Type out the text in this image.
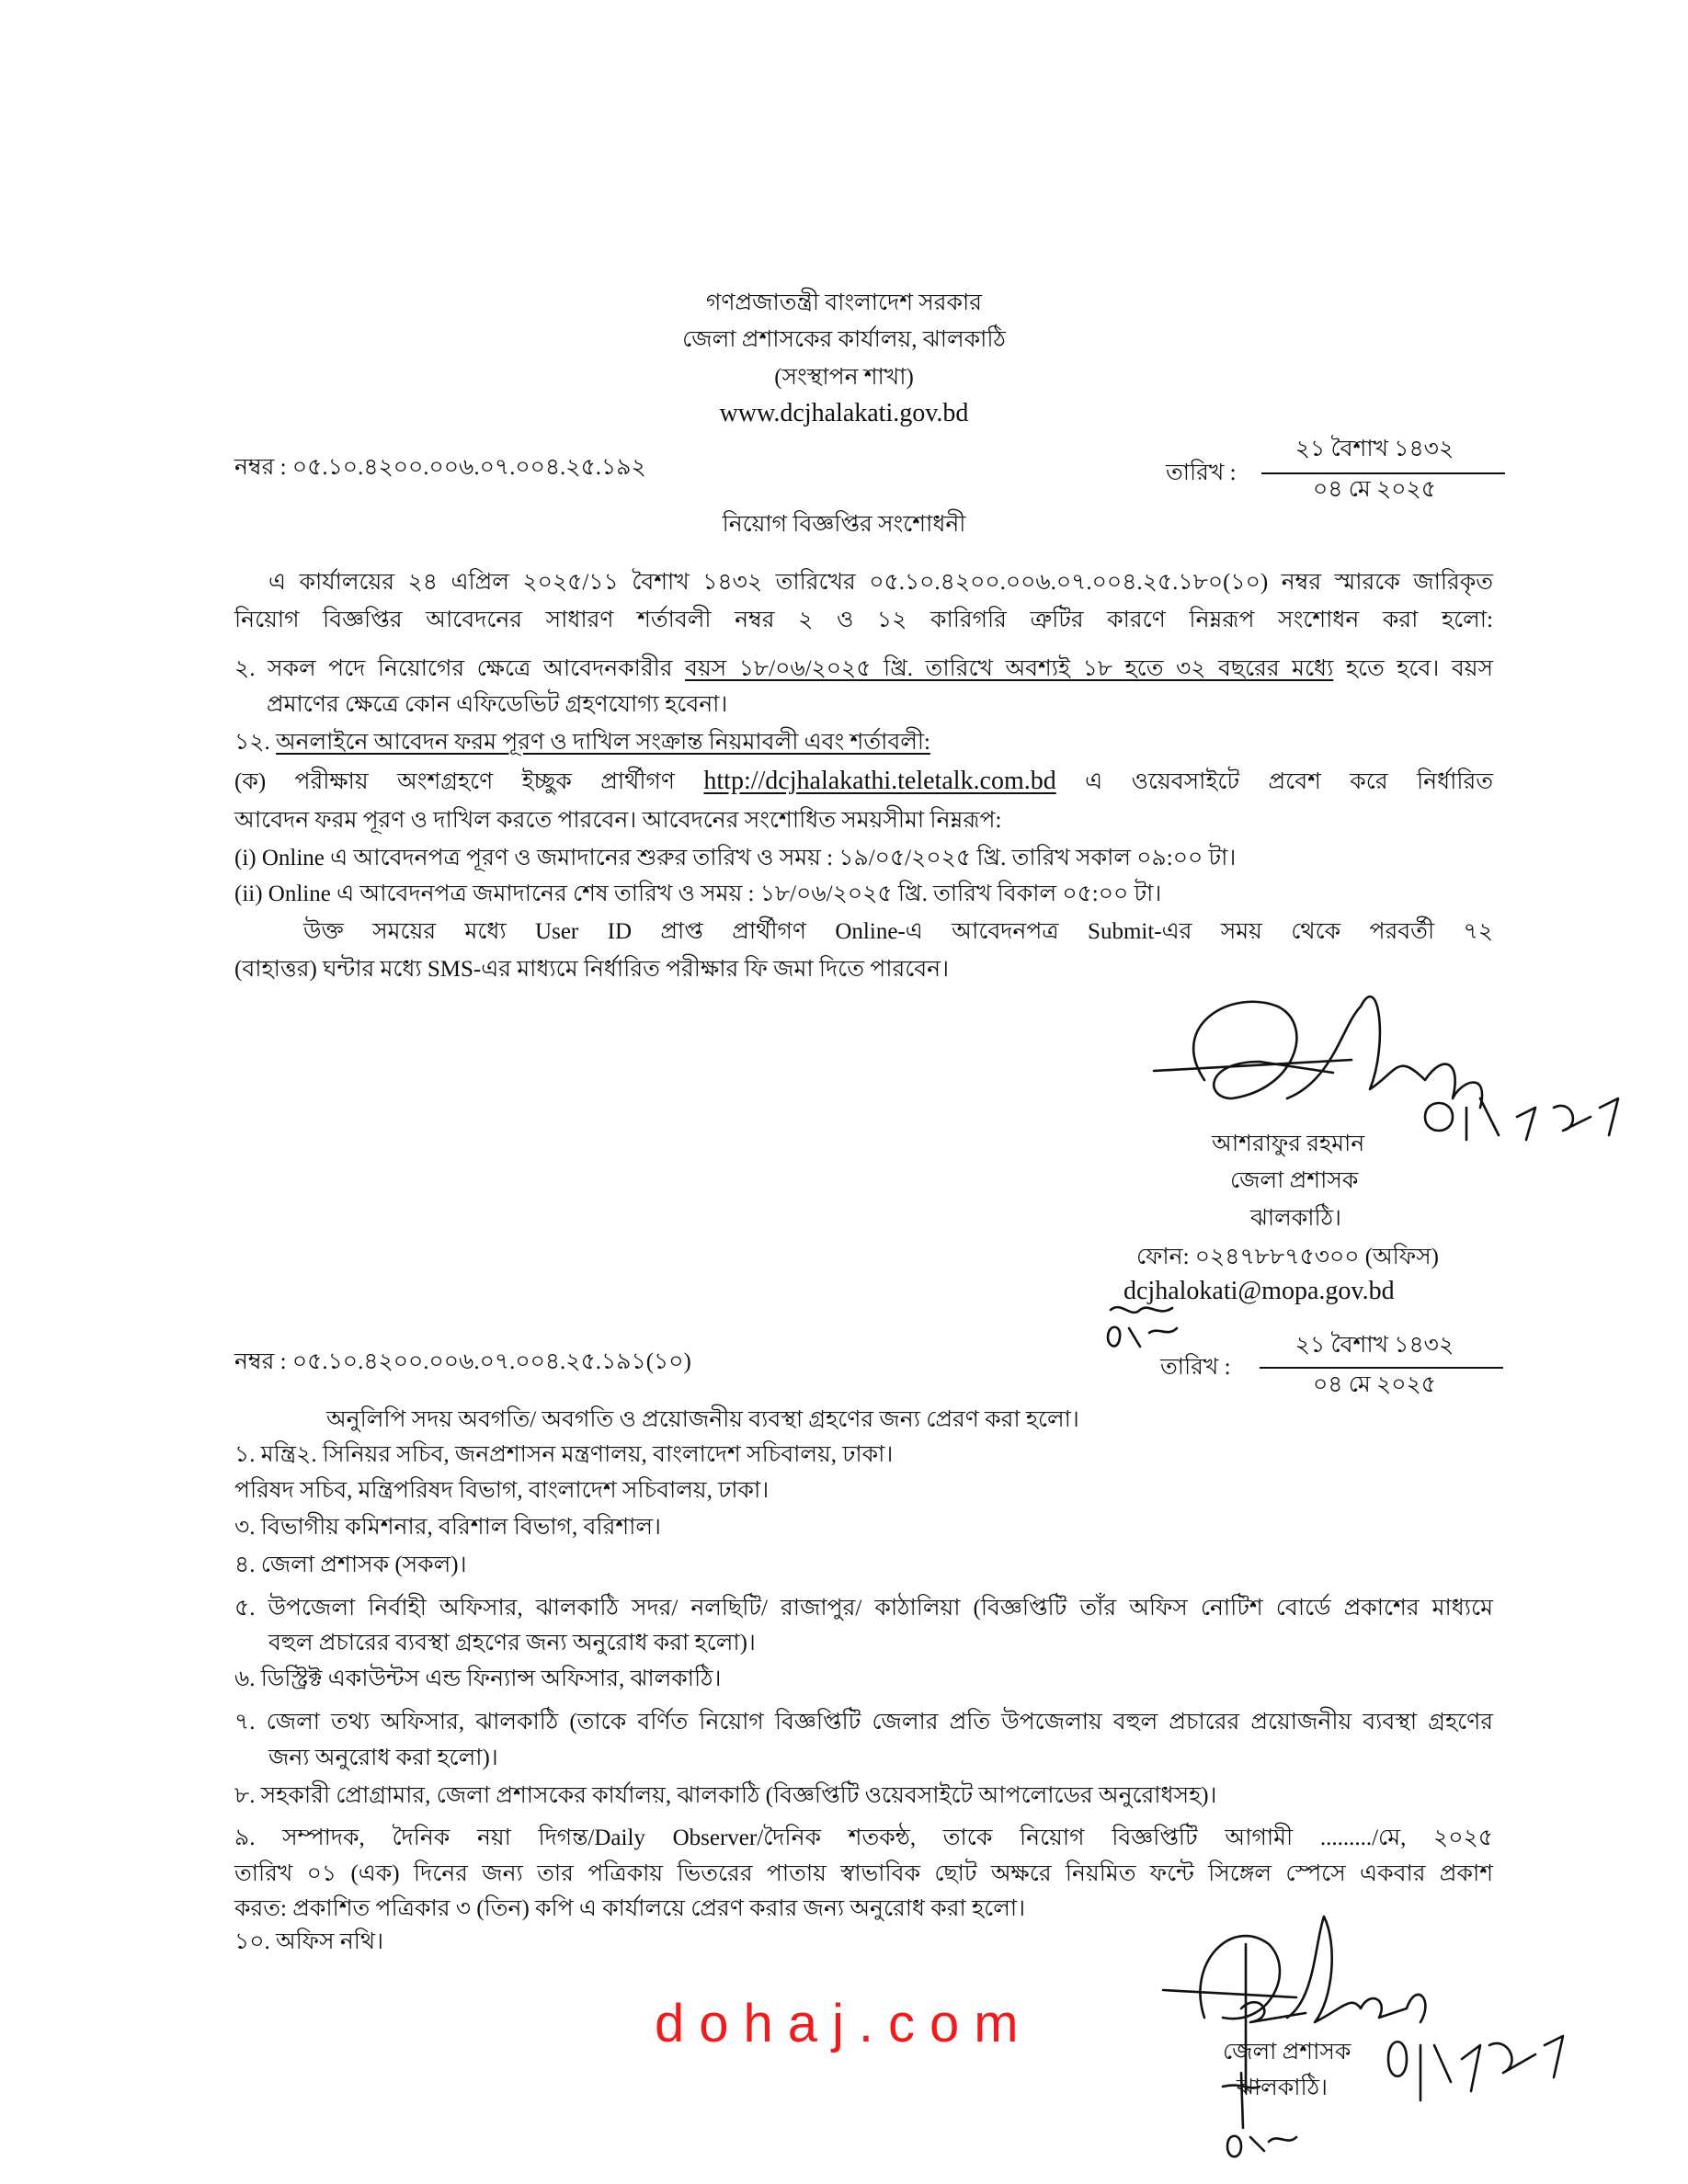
গণপ্রজাতন্ত্রী বাংলাদেশ সরকার
জেলা প্রশাসকের কার্যালয়, ঝালকাঠি
(সংস্থাপন শাখা)
www.dcjhalakati.gov.bd
নম্বর : ০৫.১০.৪২০০.০০৬.০৭.০০৪.২৫.১৯২	তারিখ :
২১ বৈশাখ ১৪৩২
০৪ মে ২০২৫
নিয়োগ বিজ্ঞপ্তির সংশোধনী
এ কার্যালয়ের ২৪ এপ্রিল ২০২৫/১১ বৈশাখ ১৪৩২ তারিখের ০৫.১০.৪২০০.০০৬.০৭.০০৪.২৫.১৮০(১০) নম্বর স্মারকে জারিকৃত
নিয়োগ বিজ্ঞপ্তির আবেদনের সাধারণ শর্তাবলী নম্বর ২ ও ১২ কারিগরি ত্রুটির কারণে নিম্নরূপ সংশোধন করা হলো:
২. সকল পদে নিয়োগের ক্ষেত্রে আবেদনকারীর বয়স ১৮/০৬/২০২৫ খ্রি. তারিখে অবশ্যই ১৮ হতে ৩২ বছরের মধ্যে হতে হবে। বয়স
প্রমাণের ক্ষেত্রে কোন এফিডেভিট গ্রহণযোগ্য হবেনা।
১২. অনলাইনে আবেদন ফরম পূরণ ও দাখিল সংক্রান্ত নিয়মাবলী এবং শর্তাবলী:
(ক) পরীক্ষায় অংশগ্রহণে ইচ্ছুক প্রার্থীগণ http://dcjhalakathi.teletalk.com.bd এ ওয়েবসাইটে প্রবেশ করে নির্ধারিত
আবেদন ফরম পূরণ ও দাখিল করতে পারবেন। আবেদনের সংশোধিত সময়সীমা নিম্নরূপ:
(i) Online এ আবেদনপত্র পূরণ ও জমাদানের শুরুর তারিখ ও সময় : ১৯/০৫/২০২৫ খ্রি. তারিখ সকাল ০৯:০০ টা।
(ii) Online এ আবেদনপত্র জমাদানের শেষ তারিখ ও সময় : ১৮/০৬/২০২৫ খ্রি. তারিখ বিকাল ০৫:০০ টা।
উক্ত সময়ের মধ্যে User ID প্রাপ্ত প্রার্থীগণ Online-এ আবেদনপত্র Submit-এর সময় থেকে পরবর্তী ৭২
(বাহাত্তর) ঘন্টার মধ্যে SMS-এর মাধ্যমে নির্ধারিত পরীক্ষার ফি জমা দিতে পারবেন।
আশরাফুর রহমান
জেলা প্রশাসক
ঝালকাঠি।
ফোন: ০২৪৭৮৮৭৫৩০০ (অফিস)
dcjhalokati@mopa.gov.bd
নম্বর : ০৫.১০.৪২০০.০০৬.০৭.০০৪.২৫.১৯১(১০)	তারিখ :
২১ বৈশাখ ১৪৩২
০৪ মে ২০২৫
অনুলিপি সদয় অবগতি/ অবগতি ও প্রয়োজনীয় ব্যবস্থা গ্রহণের জন্য প্রেরণ করা হলো।
১. মন্ত্রি২. সিনিয়র সচিব, জনপ্রশাসন মন্ত্রণালয়, বাংলাদেশ সচিবালয়, ঢাকা।
পরিষদ সচিব, মন্ত্রিপরিষদ বিভাগ, বাংলাদেশ সচিবালয়, ঢাকা।
৩. বিভাগীয় কমিশনার, বরিশাল বিভাগ, বরিশাল।
৪. জেলা প্রশাসক (সকল)।
৫. উপজেলা নির্বাহী অফিসার, ঝালকাঠি সদর/ নলছিটি/ রাজাপুর/ কাঠালিয়া (বিজ্ঞপ্তিটি তাঁর অফিস নোটিশ বোর্ডে প্রকাশের মাধ্যমে
বহুল প্রচারের ব্যবস্থা গ্রহণের জন্য অনুরোধ করা হলো)।
৬. ডিস্ট্রিক্ট একাউন্টস এন্ড ফিন্যান্স অফিসার, ঝালকাঠি।
৭. জেলা তথ্য অফিসার, ঝালকাঠি (তাকে বর্ণিত নিয়োগ বিজ্ঞপ্তিটি জেলার প্রতি উপজেলায় বহুল প্রচারের প্রয়োজনীয় ব্যবস্থা গ্রহণের
জন্য অনুরোধ করা হলো)।
৮. সহকারী প্রোগ্রামার, জেলা প্রশাসকের কার্যালয়, ঝালকাঠি (বিজ্ঞপ্তিটি ওয়েবসাইটে আপলোডের অনুরোধসহ)।
৯. সম্পাদক, দৈনিক নয়া দিগন্ত/Daily Observer/দৈনিক শতকন্ঠ, তাকে নিয়োগ বিজ্ঞপ্তিটি আগামী ........./মে, ২০২৫
তারিখ ০১ (এক) দিনের জন্য তার পত্রিকায় ভিতরের পাতায় স্বাভাবিক ছোট অক্ষরে নিয়মিত ফন্টে সিঙ্গেল স্পেসে একবার প্রকাশ
করত: প্রকাশিত পত্রিকার ৩ (তিন) কপি এ কার্যালয়ে প্রেরণ করার জন্য অনুরোধ করা হলো।
১০. অফিস নথি।
dohaj.com	জেলা প্রশাসক
ঝালকাঠি।
